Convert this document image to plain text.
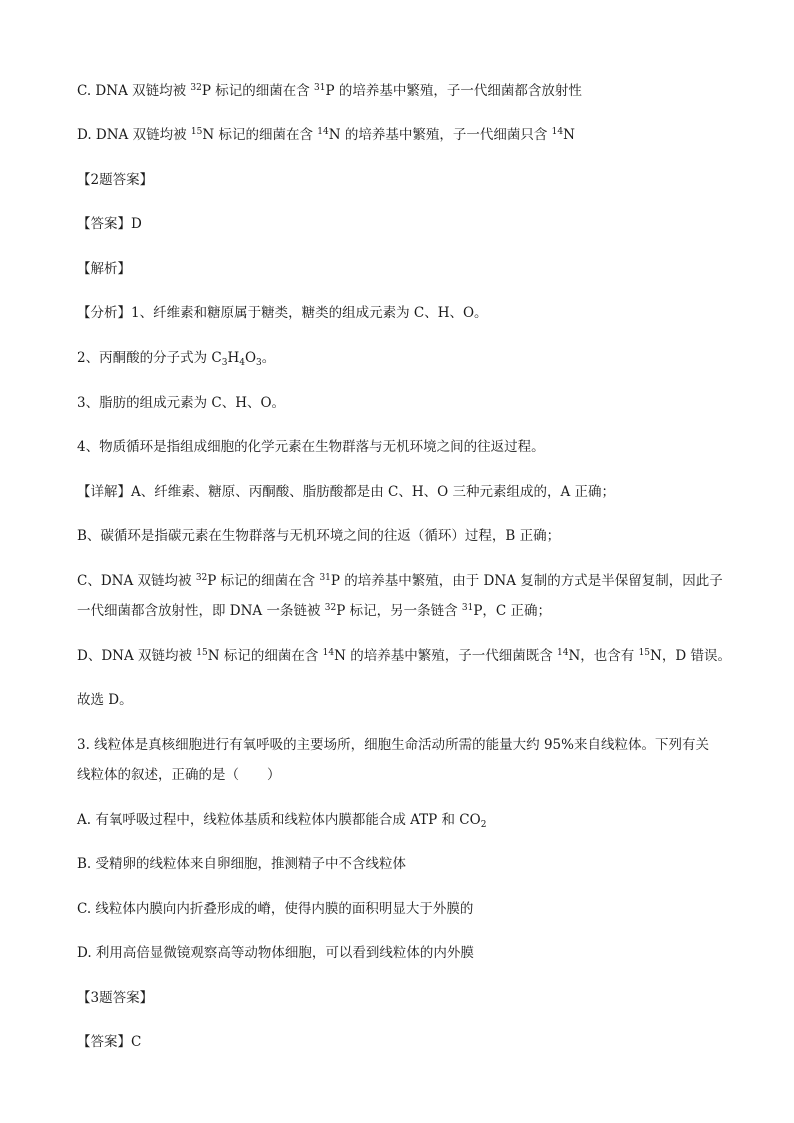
C. DNA 双链均被 $^{32}$P 标记的细菌在含 $^{31}$P 的培养基中繁殖，子一代细菌都含放射性
D. DNA 双链均被 $^{15}$N 标记的细菌在含 $^{14}$N 的培养基中繁殖，子一代细菌只含 $^{14}$N
【2题答案】
【答案】D
【解析】
【分析】1、纤维素和糖原属于糖类，糖类的组成元素为 C、H、O。
2、丙酮酸的分子式为 $C_3H_4O_3$。
3、脂肪的组成元素为 C、H、O。
4、物质循环是指组成细胞的化学元素在生物群落与无机环境之间的往返过程。
【详解】A、纤维素、糖原、丙酮酸、脂肪酸都是由 C、H、O 三种元素组成的，A 正确；
B、碳循环是指碳元素在生物群落与无机环境之间的往返（循环）过程，B 正确；
C、DNA 双链均被 $^{32}$P 标记的细菌在含 $^{31}$P 的培养基中繁殖，由于 DNA 复制的方式是半保留复制，因此子
一代细菌都含放射性，即 DNA 一条链被 $^{32}$P 标记，另一条链含 $^{31}$P，C 正确；
D、DNA 双链均被 $^{15}$N 标记的细菌在含 $^{14}$N 的培养基中繁殖，子一代细菌既含 $^{14}$N，也含有 $^{15}$N，D 错误。
故选 D。
3. 线粒体是真核细胞进行有氧呼吸的主要场所，细胞生命活动所需的能量大约 95%来自线粒体。下列有关
线粒体的叙述，正确的是（ ）
A. 有氧呼吸过程中，线粒体基质和线粒体内膜都能合成 ATP 和 $CO_2$
B. 受精卵的线粒体来自卵细胞，推测精子中不含线粒体
C. 线粒体内膜向内折叠形成的嵴，使得内膜的面积明显大于外膜的
D. 利用高倍显微镜观察高等动物体细胞，可以看到线粒体的内外膜
【3题答案】
【答案】C
